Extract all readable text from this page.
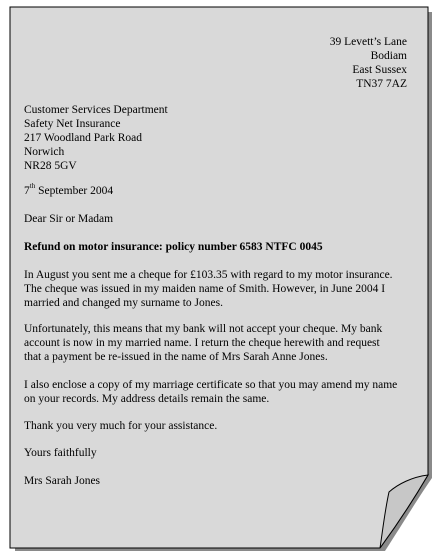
39 Levett’s Lane
Bodiam
East Sussex
TN37 7AZ
Customer Services Department
Safety Net Insurance
217 Woodland Park Road
Norwich
NR28 5GV
7th September 2004
Dear Sir or Madam
Refund on motor insurance: policy number 6583 NTFC 0045

In August you sent me a cheque for £103.35 with regard to my motor insurance.
The cheque was issued in my maiden name of Smith. However, in June 2004 I
married and changed my surname to Jones.

Unfortunately, this means that my bank will not accept your cheque. My bank
account is now in my married name. I return the cheque herewith and request
that a payment be re-issued in the name of Mrs Sarah Anne Jones.

I also enclose a copy of my marriage certificate so that you may amend my name
on your records. My address details remain the same.

Thank you very much for your assistance.

Yours faithfully
Mrs Sarah Jones
